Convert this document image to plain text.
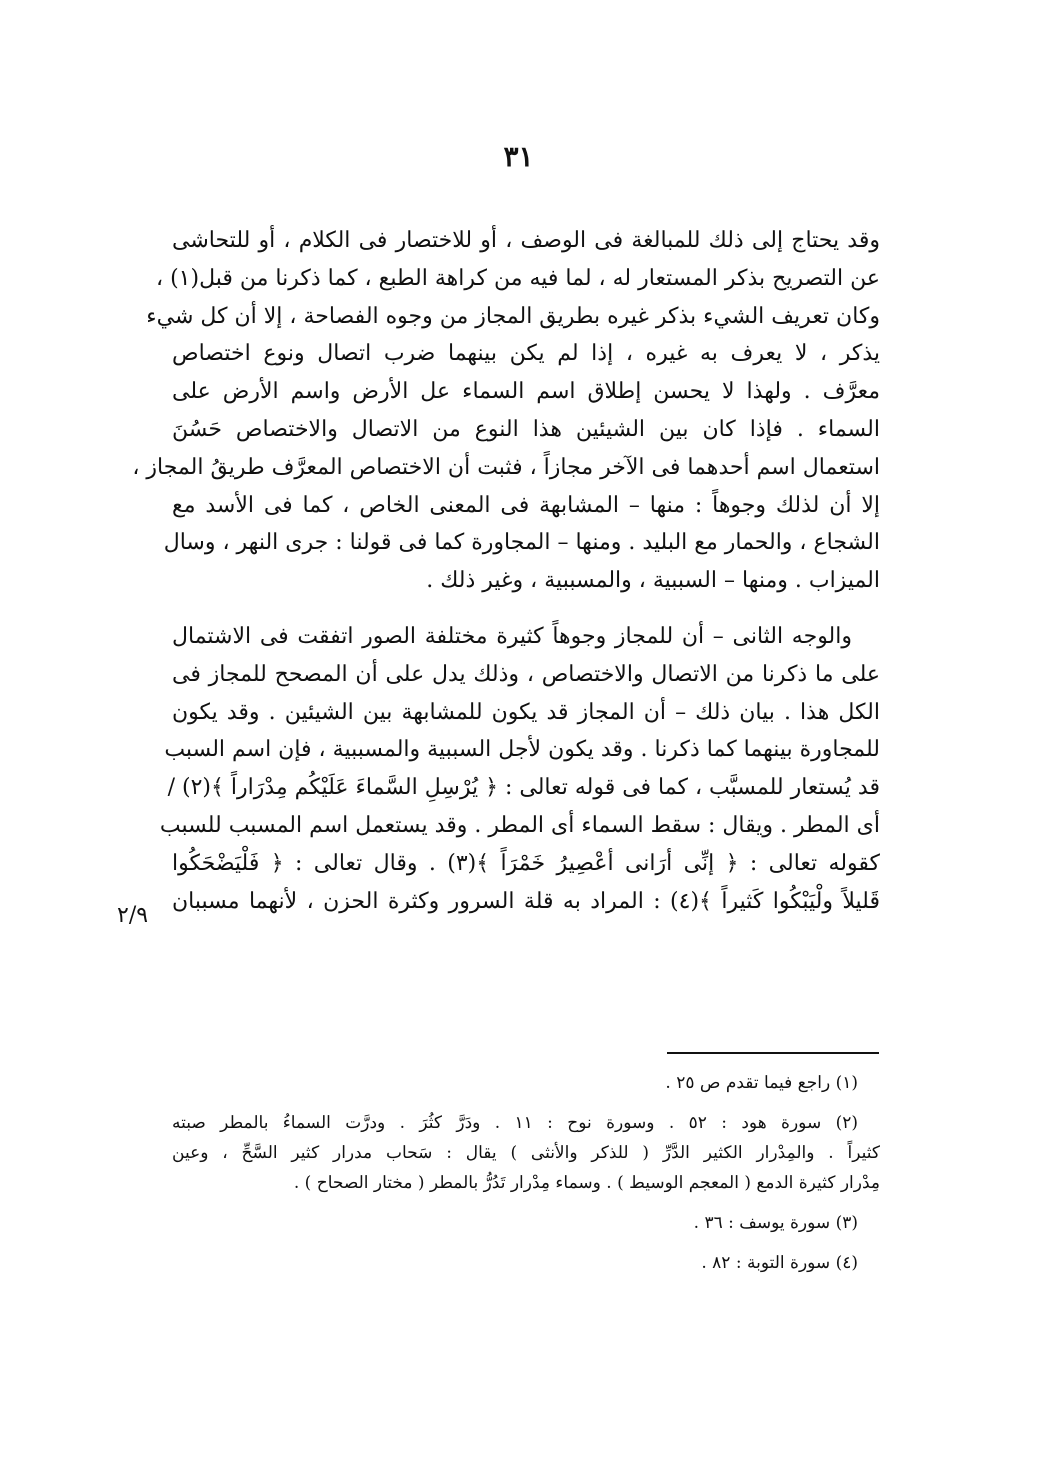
٣١
٢/٩
وقد يحتاج إلى ذلك للمبالغة فى الوصف ، أو للاختصار فى الكلام ، أو للتحاشى
عن التصريح بذكر المستعار له ، لما فيه من كراهة الطبع ، كما ذكرنا من قبل(١) ،
وكان تعريف الشيء بذكر غيره بطريق المجاز من وجوه الفصاحة ، إلا أن كل شيء
يذكر ، لا يعرف به غيره ، إذا لم يكن بينهما ضرب اتصال ونوع اختصاص
معرَّف . ولهذا لا يحسن إطلاق اسم السماء عل الأرض واسم الأرض على
السماء . فإذا كان بين الشيئين هذا النوع من الاتصال والاختصاص حَسُنَ
استعمال اسم أحدهما فى الآخر مجازاً ، فثبت أن الاختصاص المعرَّف طريقُ المجاز ،
إلا أن لذلك وجوهاً : منها – المشابهة فى المعنى الخاص ، كما فى الأسد مع
الشجاع ، والحمار مع البليد . ومنها – المجاورة كما فى قولنا : جرى النهر ، وسال
الميزاب . ومنها – السببية ، والمسببية ، وغير ذلك .
والوجه الثانى – أن للمجاز وجوهاً كثيرة مختلفة الصور اتفقت فى الاشتمال
على ما ذكرنا من الاتصال والاختصاص ، وذلك يدل على أن المصحح للمجاز فى
الكل هذا . بيان ذلك – أن المجاز قد يكون للمشابهة بين الشيئين . وقد يكون
للمجاورة بينهما كما ذكرنا . وقد يكون لأجل السببية والمسببية ، فإن اسم السبب
قد يُستعار للمسبَّب ، كما فى قوله تعالى : ﴿ يُرْسِلِ السَّماءَ عَلَيْكُم مِدْرَاراً ﴾(٢) /
أى المطر . ويقال : سقط السماء أى المطر . وقد يستعمل اسم المسبب للسبب
كقوله تعالى : ﴿ إنِّى أرَانى أعْصِيرُ خَمْرَاً ﴾(٣) . وقال تعالى : ﴿ فَلْيَضْحَكُوا
قَليلاً ولْيَبْكُوا كَثيراً ﴾(٤) : المراد به قلة السرور وكثرة الحزن ، لأنهما مسببان
(١) راجع فيما تقدم ص ٢٥ .
(٢) سورة هود : ٥٢ . وسورة نوح : ١١ . ودَرَّ كثُرَ . ودرَّت السماءُ بالمطر صبته
كثيراً . والمِدْرار الكثير الدَّرِّ ( للذكر والأنثى ) يقال : سَحاب مدرار كثير السَّحِّ ، وعين
مِدْرار كثيرة الدمع ( المعجم الوسيط ) . وسماء مِدْرار تَدُرُّ بالمطر ( مختار الصحاح ) .
(٣) سورة يوسف : ٣٦ .
(٤) سورة التوبة : ٨٢ .
